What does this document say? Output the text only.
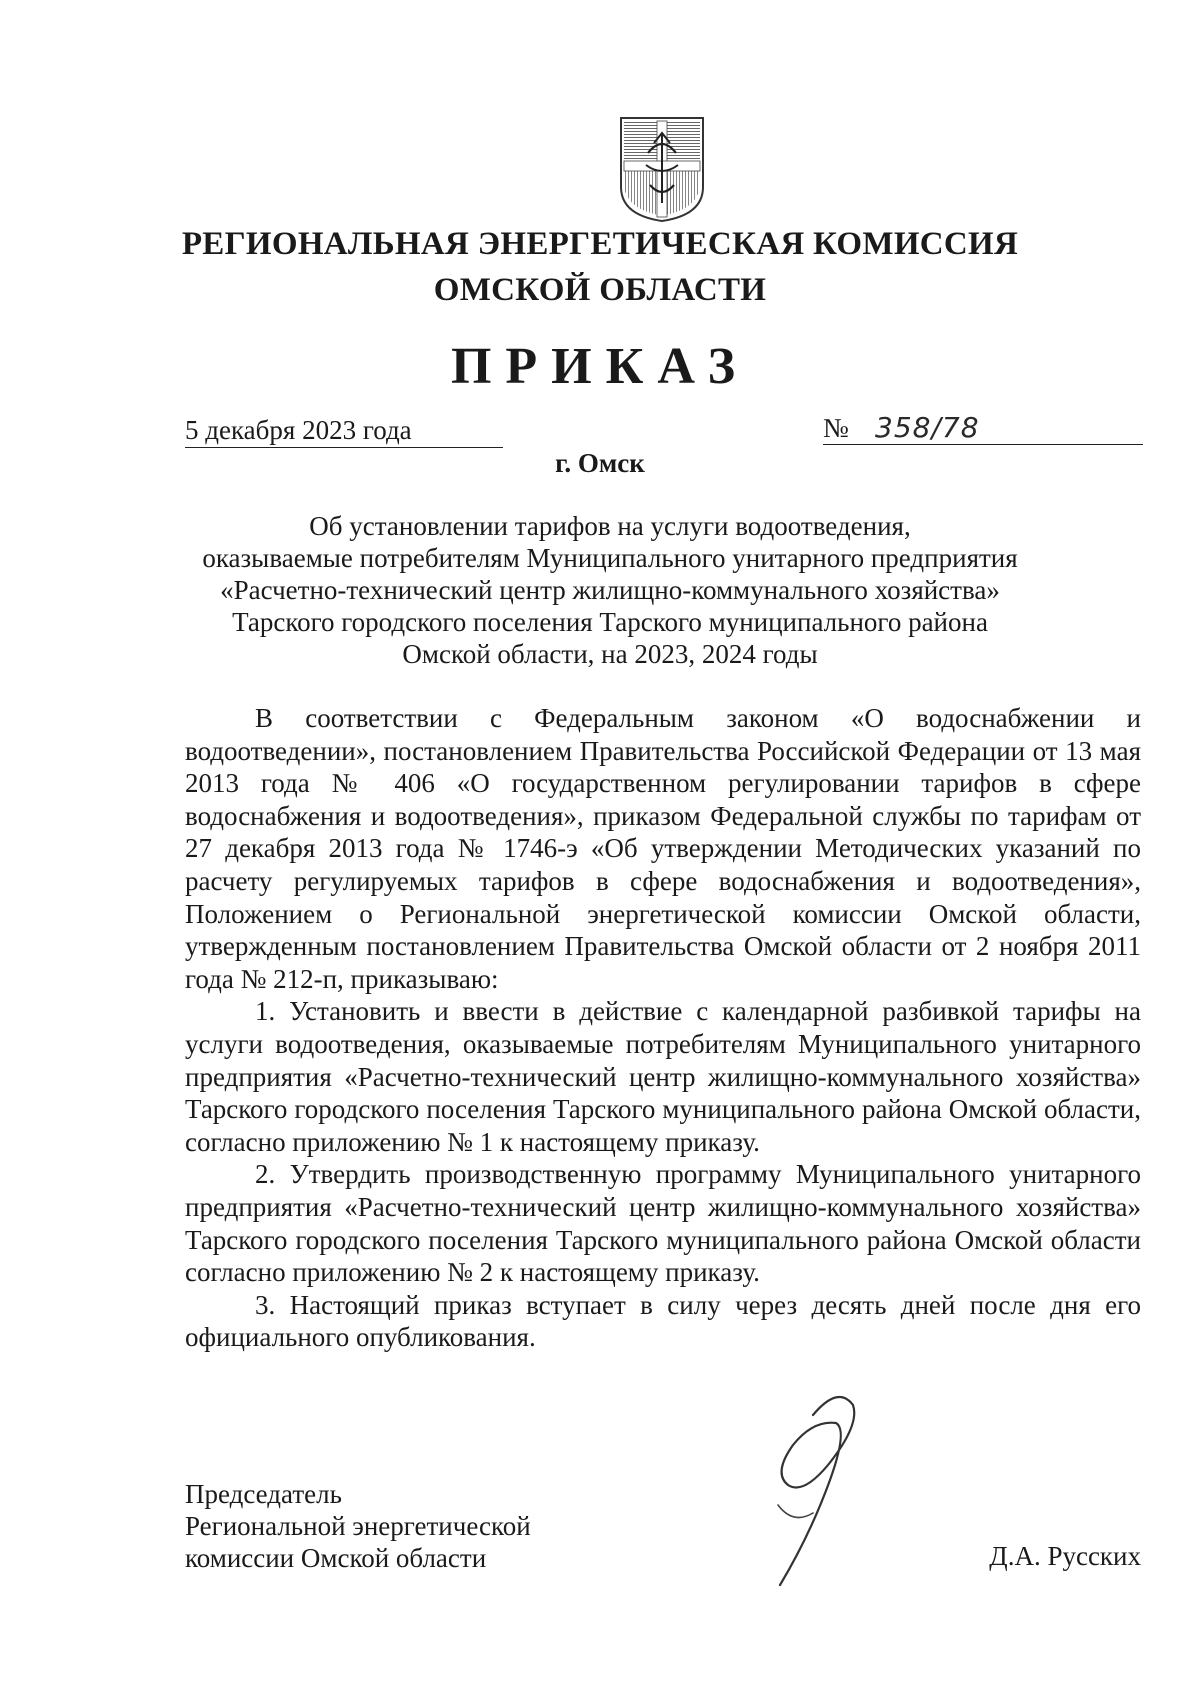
РЕГИОНАЛЬНАЯ ЭНЕРГЕТИЧЕСКАЯ КОМИССИЯ
ОМСКОЙ ОБЛАСТИ
ПРИКАЗ
5 декабря 2023 года	№ 358/78
г. Омск
Об установлении тарифов на услуги водоотведения,
оказываемые потребителям Муниципального унитарного предприятия
«Расчетно-технический центр жилищно-коммунального хозяйства»
Тарского городского поселения Тарского муниципального района
Омской области, на 2023, 2024 годы

В соответствии с Федеральным законом «О водоснабжении и водоотведении», постановлением Правительства Российской Федерации от 13 мая 2013 года № 406 «О государственном регулировании тарифов в сфере водоснабжения и водоотведения», приказом Федеральной службы по тарифам от 27 декабря 2013 года № 1746-э «Об утверждении Методических указаний по расчету регулируемых тарифов в сфере водоснабжения и водоотведения», Положением о Региональной энергетической комиссии Омской области, утвержденным постановлением Правительства Омской области от 2 ноября 2011 года № 212-п, приказываю:

1. Установить и ввести в действие с календарной разбивкой тарифы на услуги водоотведения, оказываемые потребителям Муниципального унитарного предприятия «Расчетно-технический центр жилищно-коммунального хозяйства» Тарского городского поселения Тарского муниципального района Омской области, согласно приложению № 1 к настоящему приказу.

2. Утвердить производственную программу Муниципального унитарного предприятия «Расчетно-технический центр жилищно-коммунального хозяйства» Тарского городского поселения Тарского муниципального района Омской области согласно приложению № 2 к настоящему приказу.

3. Настоящий приказ вступает в силу через десять дней после дня его официального опубликования.

Председатель
Региональной энергетической
комиссии Омской области	Д.А. Русских
